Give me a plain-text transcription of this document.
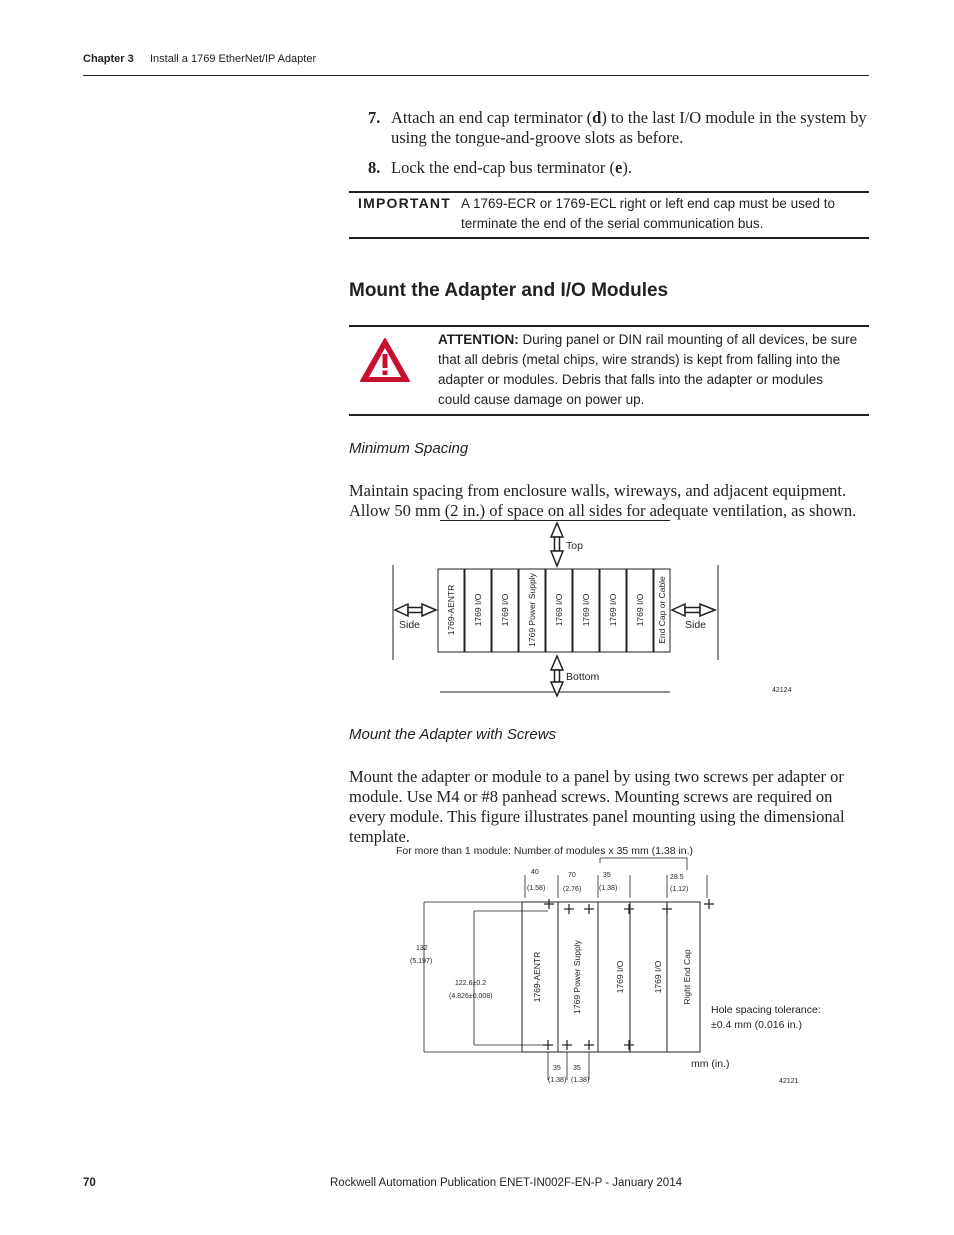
Chapter 3 Install a 1769 EtherNet/IP Adapter
7. Attach an end cap terminator (d) to the last I/O module in the system by using the tongue-and-groove slots as before.
8. Lock the end-cap bus terminator (e).
IMPORTANT A 1769-ECR or 1769-ECL right or left end cap must be used to terminate the end of the serial communication bus.
Mount the Adapter and I/O Modules
ATTENTION: During panel or DIN rail mounting of all devices, be sure that all debris (metal chips, wire strands) is kept from falling into the adapter or modules. Debris that falls into the adapter or modules could cause damage on power up.
Minimum Spacing
Maintain spacing from enclosure walls, wireways, and adjacent equipment. Allow 50 mm (2 in.) of space on all sides for adequate ventilation, as shown.
1769-AENTR 1769 I/O 1769 I/O 1769 Power Supply 1769 I/O 1769 I/O 1769 I/O 1769 I/O End Cap or Cable
Top
Bottom
Side	Side
42124
Mount the Adapter with Screws
Mount the adapter or module to a panel by using two screws per adapter or module. Use M4 or #8 panhead screws. Mounting screws are required on every module. This figure illustrates panel mounting using the dimensional template.
For more than 1 module: Number of modules x 35 mm (1.38 in.)
40
(1.58)
70
(2.76)
35
(1.38)
28.5
(1.12)
132
(5.197)
122.6±0.2
(4.826±0.008)	1769-AENTR	1769 Power Supply	1769 I/O	1769 I/O Right End Cap
35
(1.38)
35
(1.38)
Hole spacing tolerance:
±0.4 mm (0.016 in.)
mm (in.)
42121
70	Rockwell Automation Publication ENET-IN002F-EN-P - January 2014
